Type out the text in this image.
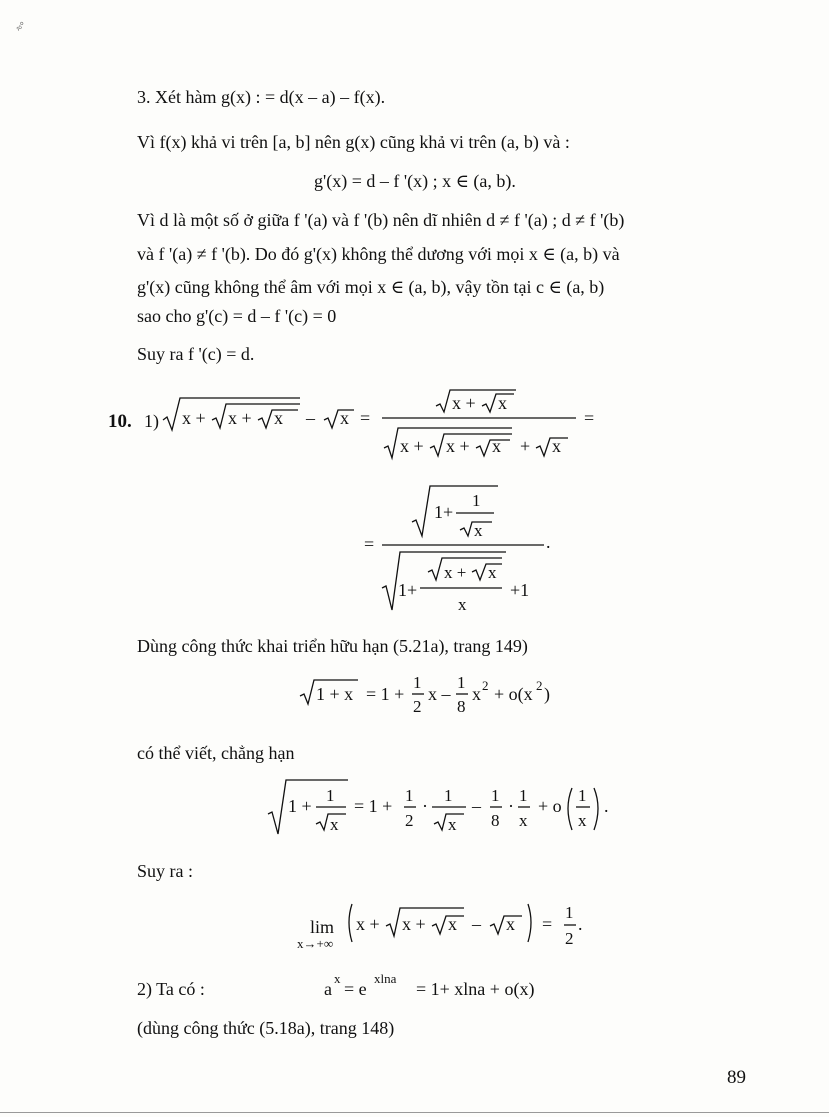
≈°
3. Xét hàm g(x) : = d(x – a) – f(x).
Vì f(x) khả vi trên [a, b] nên g(x) cũng khả vi trên (a, b) và :
g'(x) = d – f '(x) ; x ∈ (a, b).
Vì d là một số ở giữa f '(a) và f '(b) nên dĩ nhiên d ≠ f '(a) ; d ≠ f '(b)
và f '(a) ≠ f '(b). Do đó g'(x) không thể dương với mọi x ∈ (a, b) và
g'(x) cũng không thể âm với mọi x ∈ (a, b), vậy tồn tại c ∈ (a, b)
sao cho g'(c) = d – f '(c) = 0
Suy ra f '(c) = d.
10. 1) x + x + x – x =
x + x
x + x + x + x
=
=	.
1+
1
x
1+
x + x
x
+1
Dùng công thức khai triển hữu hạn (5.21a), trang 149)
1 + x = 1 +
1
2
x –
1
8
x 2 + o(x 2 )
có thể viết, chẳng hạn
1 +
1
x
= 1 +
1
2
·
1
x
–
1
8
·
1
x
+ o
1
x
.
Suy ra :
lim
x→+∞
x + x + x – x =
1
2
.
2) Ta có :	a
x
= e
xlna
= 1+ xlna + o(x)
(dùng công thức (5.18a), trang 148)
89
